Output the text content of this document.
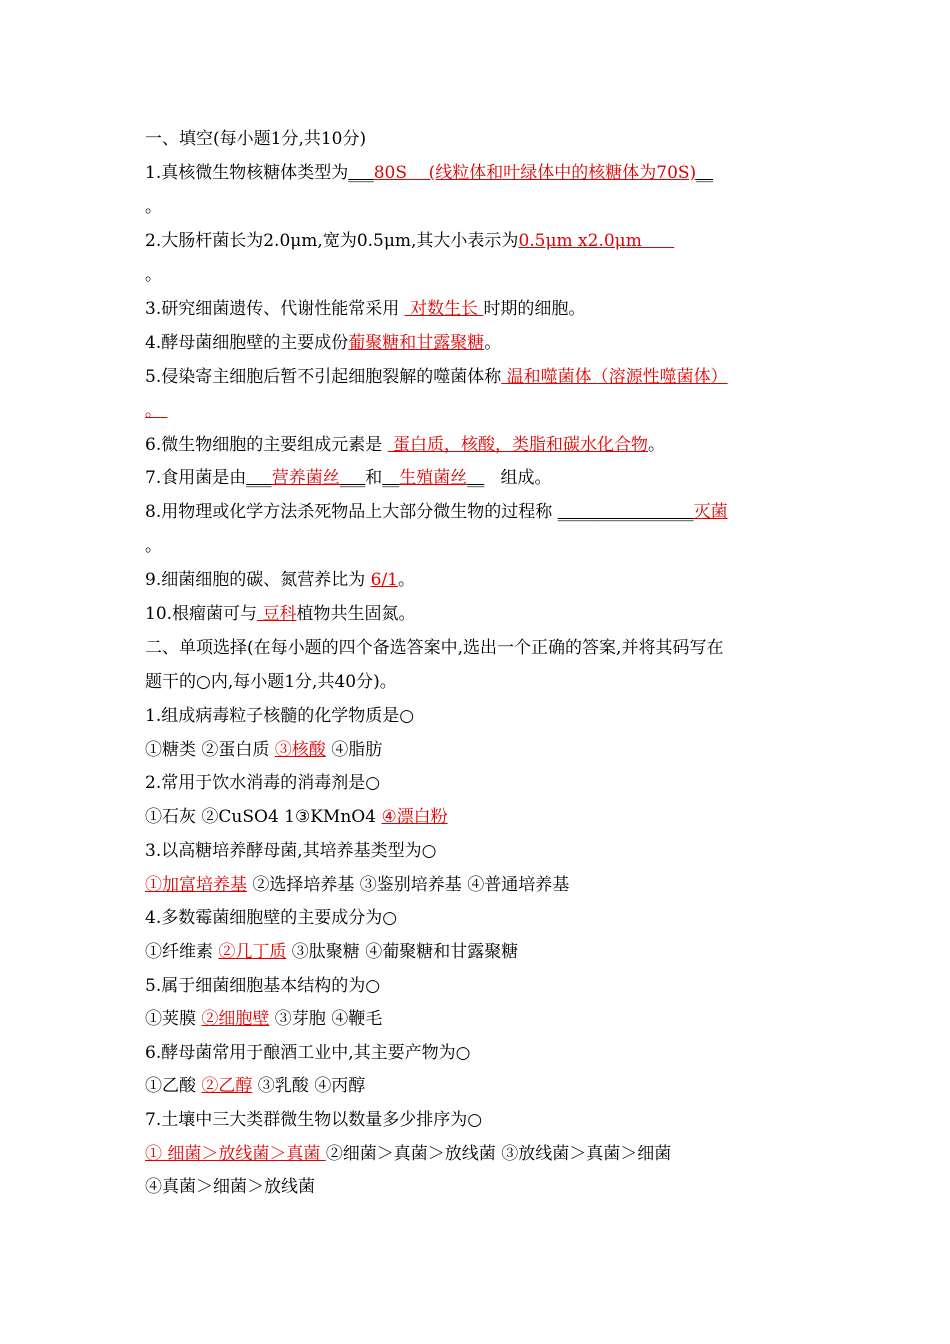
一、填空(每小题1分,共10分)
1.真核微生物核糖体类型为___80S    (线粒体和叶绿体中的核糖体为70S)__
。
2.大肠杆菌长为2.0μm,宽为0.5μm,其大小表示为0.5μm x2.0μm
。
3.研究细菌遗传、代谢性能常采用  对数生长 时期的细胞。
4.酵母菌细胞壁的主要成份葡聚糖和甘露聚糖。
5.侵染寄主细胞后暂不引起细胞裂解的噬菌体称 温和噬菌体（溶源性噬菌体）
。
6.微生物细胞的主要组成元素是  蛋白质，核酸，类脂和碳水化合物。
7.食用菌是由___营养菌丝___和__生殖菌丝__   组成。
8.用物理或化学方法杀死物品上大部分微生物的过程称 ________________灭菌
。
9.细菌细胞的碳、氮营养比为 6/1。
10.根瘤菌可与 豆科植物共生固氮。
二、单项选择(在每小题的四个备选答案中,选出一个正确的答案,并将其码写在
题干的○内,每小题1分,共40分)。
1.组成病毒粒子核髓的化学物质是○
①糖类 ②蛋白质 ③核酸 ④脂肪
2.常用于饮水消毒的消毒剂是○
①石灰 ②CuSO4 1③KMnO4 ④漂白粉
3.以高糖培养酵母菌,其培养基类型为○
①加富培养基 ②选择培养基 ③鉴别培养基 ④普通培养基
4.多数霉菌细胞壁的主要成分为○
①纤维素 ②几丁质 ③肽聚糖 ④葡聚糖和甘露聚糖
5.属于细菌细胞基本结构的为○
①荚膜 ②细胞壁 ③芽胞 ④鞭毛
6.酵母菌常用于酿酒工业中,其主要产物为○
①乙酸 ②乙醇 ③乳酸 ④丙醇
7.土壤中三大类群微生物以数量多少排序为○
① 细菌＞放线菌＞真菌 ②细菌＞真菌＞放线菌 ③放线菌＞真菌＞细菌
④真菌＞细菌＞放线菌
